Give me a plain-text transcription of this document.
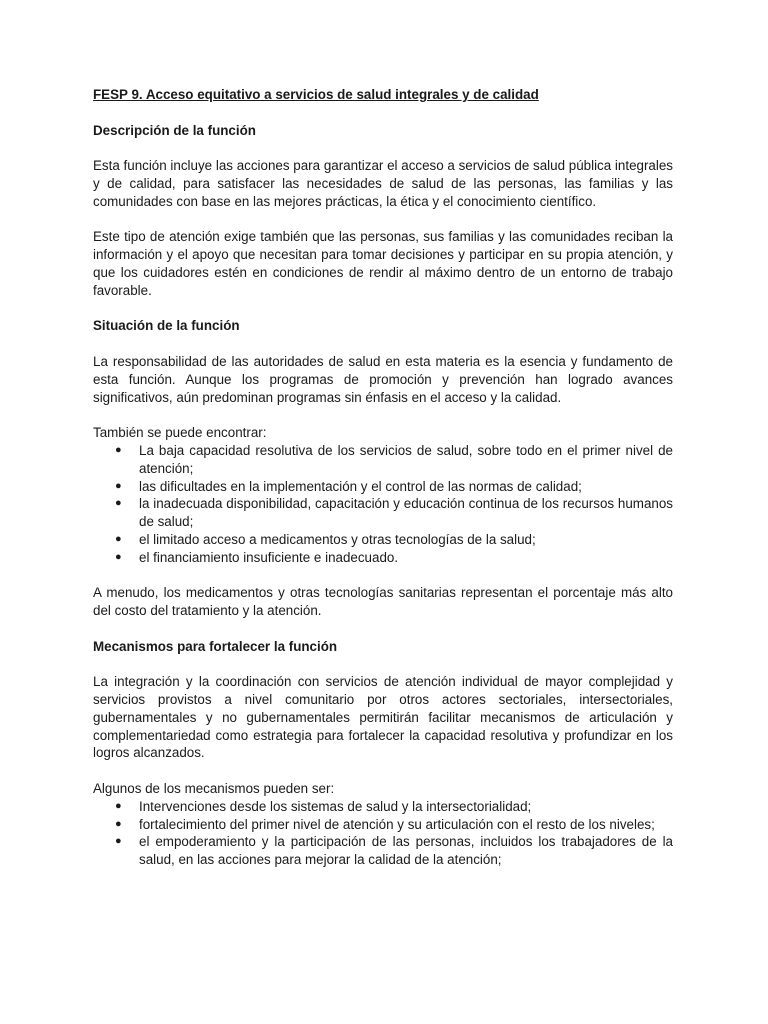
FESP 9. Acceso equitativo a servicios de salud integrales y de calidad
Descripción de la función
Esta función incluye las acciones para garantizar el acceso a servicios de salud pública integrales y de calidad, para satisfacer las necesidades de salud de las personas, las familias y las comunidades con base en las mejores prácticas, la ética y el conocimiento científico.
Este tipo de atención exige también que las personas, sus familias y las comunidades reciban la información y el apoyo que necesitan para tomar decisiones y participar en su propia atención, y que los cuidadores estén en condiciones de rendir al máximo dentro de un entorno de trabajo favorable.
Situación de la función
La responsabilidad de las autoridades de salud en esta materia es la esencia y fundamento de esta función. Aunque los programas de promoción y prevención han logrado avances significativos, aún predominan programas sin énfasis en el acceso y la calidad.
También se puede encontrar:
● La baja capacidad resolutiva de los servicios de salud, sobre todo en el primer nivel de atención;
● las dificultades en la implementación y el control de las normas de calidad;
● la inadecuada disponibilidad, capacitación y educación continua de los recursos humanos de salud;
● el limitado acceso a medicamentos y otras tecnologías de la salud;
● el financiamiento insuficiente e inadecuado.
A menudo, los medicamentos y otras tecnologías sanitarias representan el porcentaje más alto del costo del tratamiento y la atención.
Mecanismos para fortalecer la función
La integración y la coordinación con servicios de atención individual de mayor complejidad y servicios provistos a nivel comunitario por otros actores sectoriales, intersectoriales, gubernamentales y no gubernamentales permitirán facilitar mecanismos de articulación y complementariedad como estrategia para fortalecer la capacidad resolutiva y profundizar en los logros alcanzados.
Algunos de los mecanismos pueden ser:
● Intervenciones desde los sistemas de salud y la intersectorialidad;
● fortalecimiento del primer nivel de atención y su articulación con el resto de los niveles;
● el empoderamiento y la participación de las personas, incluidos los trabajadores de la salud, en las acciones para mejorar la calidad de la atención;
